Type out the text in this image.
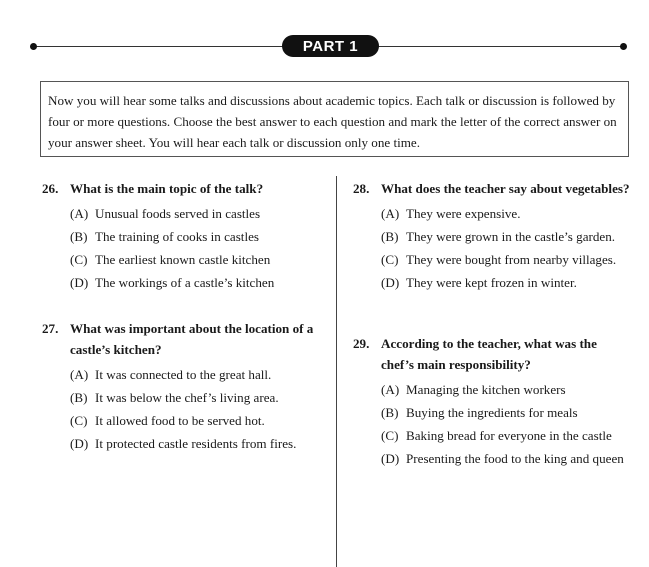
PART 1
Now you will hear some talks and discussions about academic topics. Each talk or discussion is followed by four or more questions. Choose the best answer to each question and mark the letter of the correct answer on your answer sheet. You will hear each talk or discussion only one time.
26. What is the main topic of the talk?
(A) Unusual foods served in castles
(B) The training of cooks in castles
(C) The earliest known castle kitchen
(D) The workings of a castle’s kitchen
27. What was important about the location of a castle’s kitchen?
(A) It was connected to the great hall.
(B) It was below the chef’s living area.
(C) It allowed food to be served hot.
(D) It protected castle residents from fires.
28. What does the teacher say about vegetables?
(A) They were expensive.
(B) They were grown in the castle’s garden.
(C) They were bought from nearby villages.
(D) They were kept frozen in winter.
29. According to the teacher, what was the chef’s main responsibility?
(A) Managing the kitchen workers
(B) Buying the ingredients for meals
(C) Baking bread for everyone in the castle
(D) Presenting the food to the king and queen
